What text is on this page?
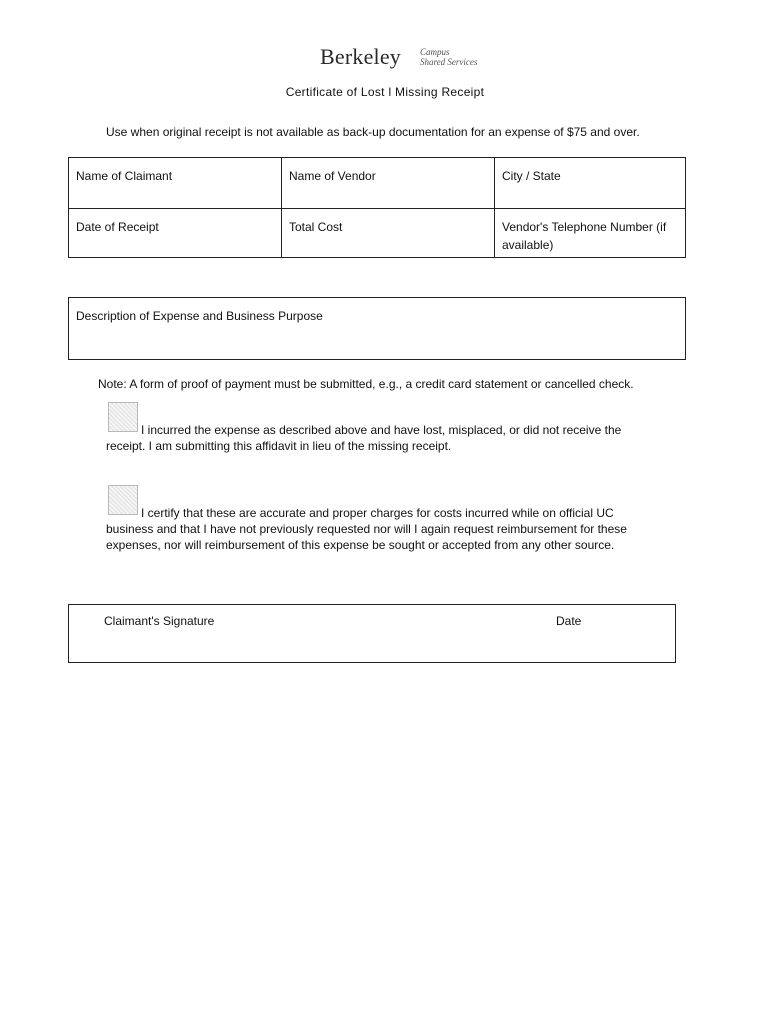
Berkeley Campus
Shared Services
Certificate of Lost l Missing Receipt
Use when original receipt is not available as back-up documentation for an expense of $75 and over.
Name of Claimant	Name of Vendor	City / State
Date of Receipt	Total Cost	Vendor's Telephone Number (if available)
Description of Expense and Business Purpose
Note: A form of proof of payment must be submitted, e.g., a credit card statement or cancelled check.
I incurred the expense as described above and have lost, misplaced, or did not receive the
receipt. I am submitting this affidavit in lieu of the missing receipt.
I certify that these are accurate and proper charges for costs incurred while on official UC
business and that I have not previously requested nor will I again request reimbursement for these
expenses, nor will reimbursement of this expense be sought or accepted from any other source.
Claimant's Signature	Date
